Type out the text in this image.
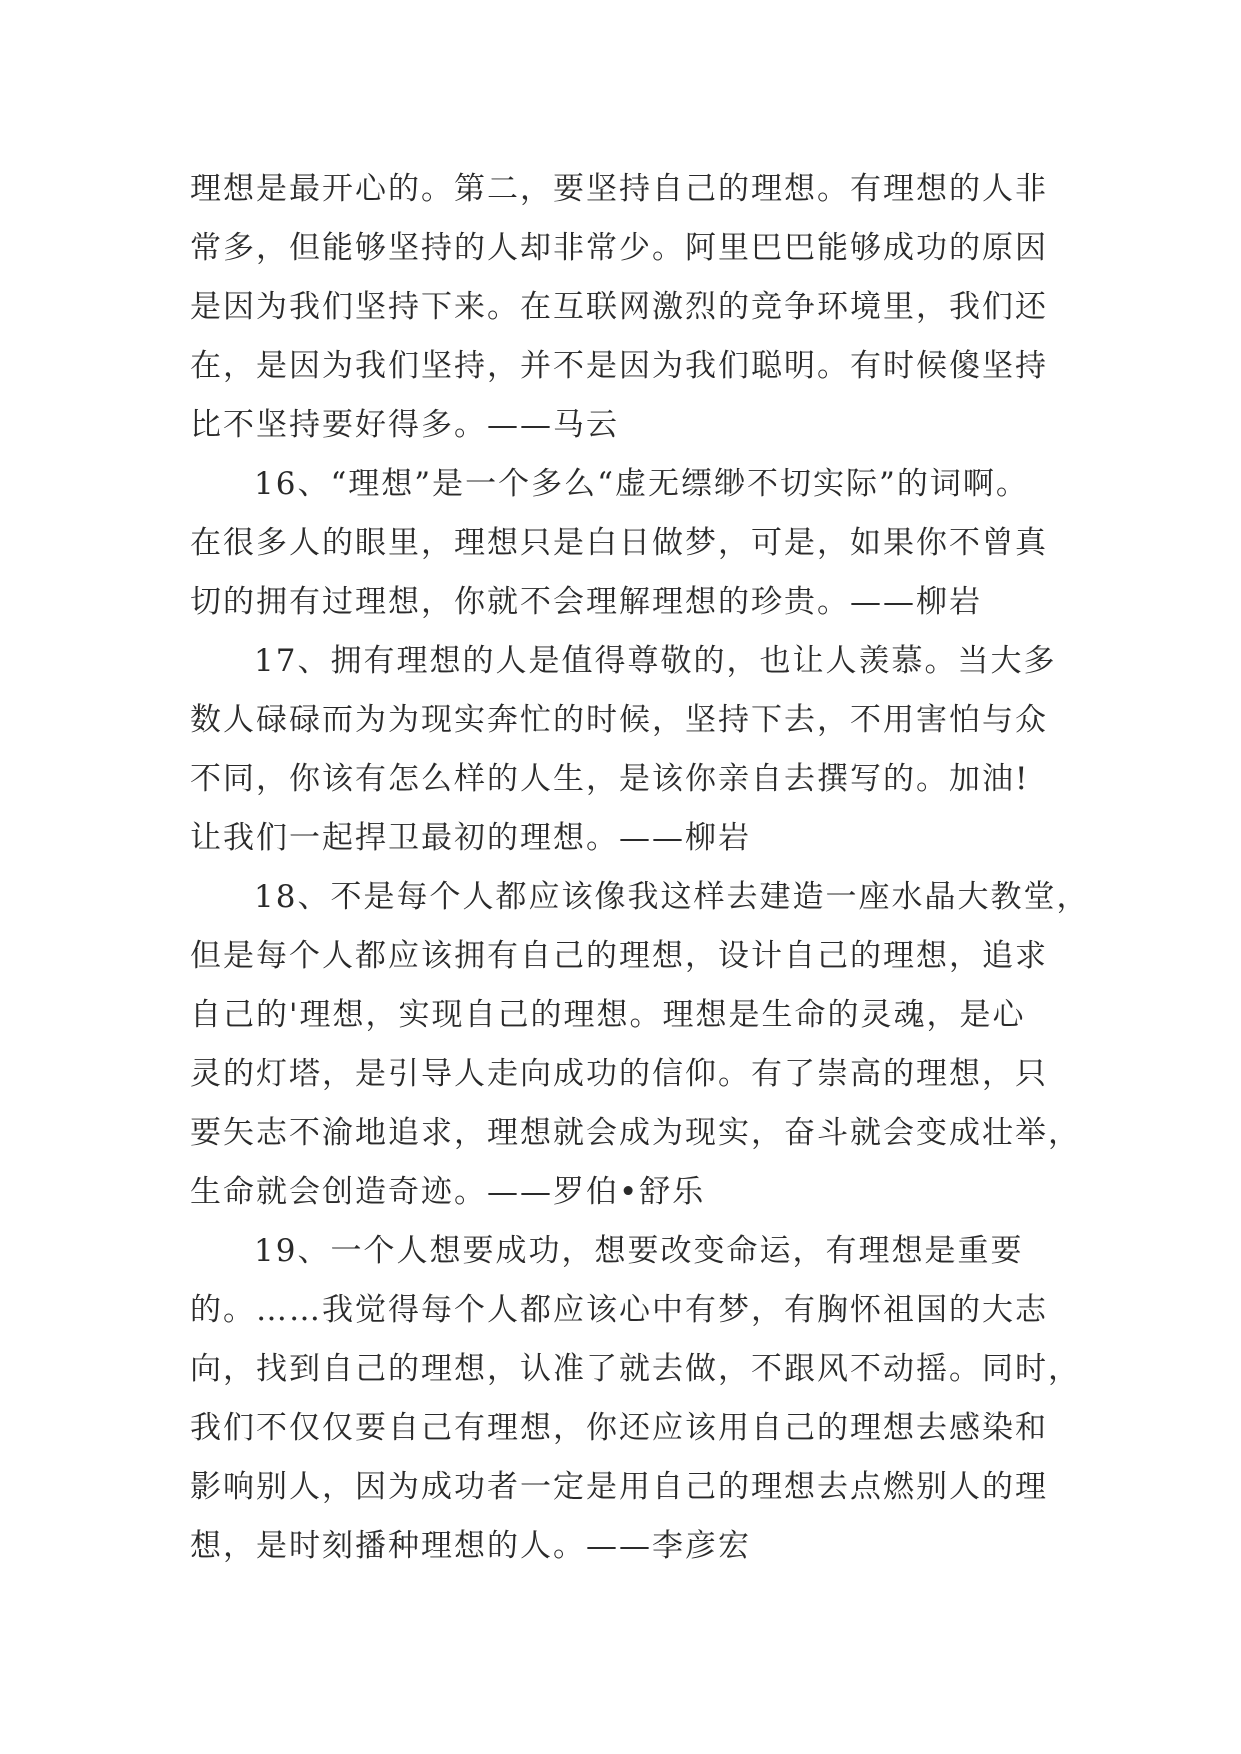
理想是最开心的。第二，要坚持自己的理想。有理想的人非
常多，但能够坚持的人却非常少。阿里巴巴能够成功的原因
是因为我们坚持下来。在互联网激烈的竞争环境里，我们还
在，是因为我们坚持，并不是因为我们聪明。有时候傻坚持
比不坚持要好得多。——马云
16、“理想”是一个多么“虚无缥缈不切实际”的词啊。
在很多人的眼里，理想只是白日做梦，可是，如果你不曾真
切的拥有过理想，你就不会理解理想的珍贵。——柳岩
17、拥有理想的人是值得尊敬的，也让人羡慕。当大多
数人碌碌而为为现实奔忙的时候，坚持下去，不用害怕与众
不同，你该有怎么样的人生，是该你亲自去撰写的。加油!
让我们一起捍卫最初的理想。——柳岩
18、不是每个人都应该像我这样去建造一座水晶大教堂，
但是每个人都应该拥有自己的理想，设计自己的理想，追求
自己的'理想，实现自己的理想。理想是生命的灵魂，是心
灵的灯塔，是引导人走向成功的信仰。有了崇高的理想，只
要矢志不渝地追求，理想就会成为现实，奋斗就会变成壮举，
生命就会创造奇迹。——罗伯•舒乐
19、一个人想要成功，想要改变命运，有理想是重要
的。……我觉得每个人都应该心中有梦，有胸怀祖国的大志
向，找到自己的理想，认准了就去做，不跟风不动摇。同时，
我们不仅仅要自己有理想，你还应该用自己的理想去感染和
影响别人，因为成功者一定是用自己的理想去点燃别人的理
想，是时刻播种理想的人。——李彦宏
